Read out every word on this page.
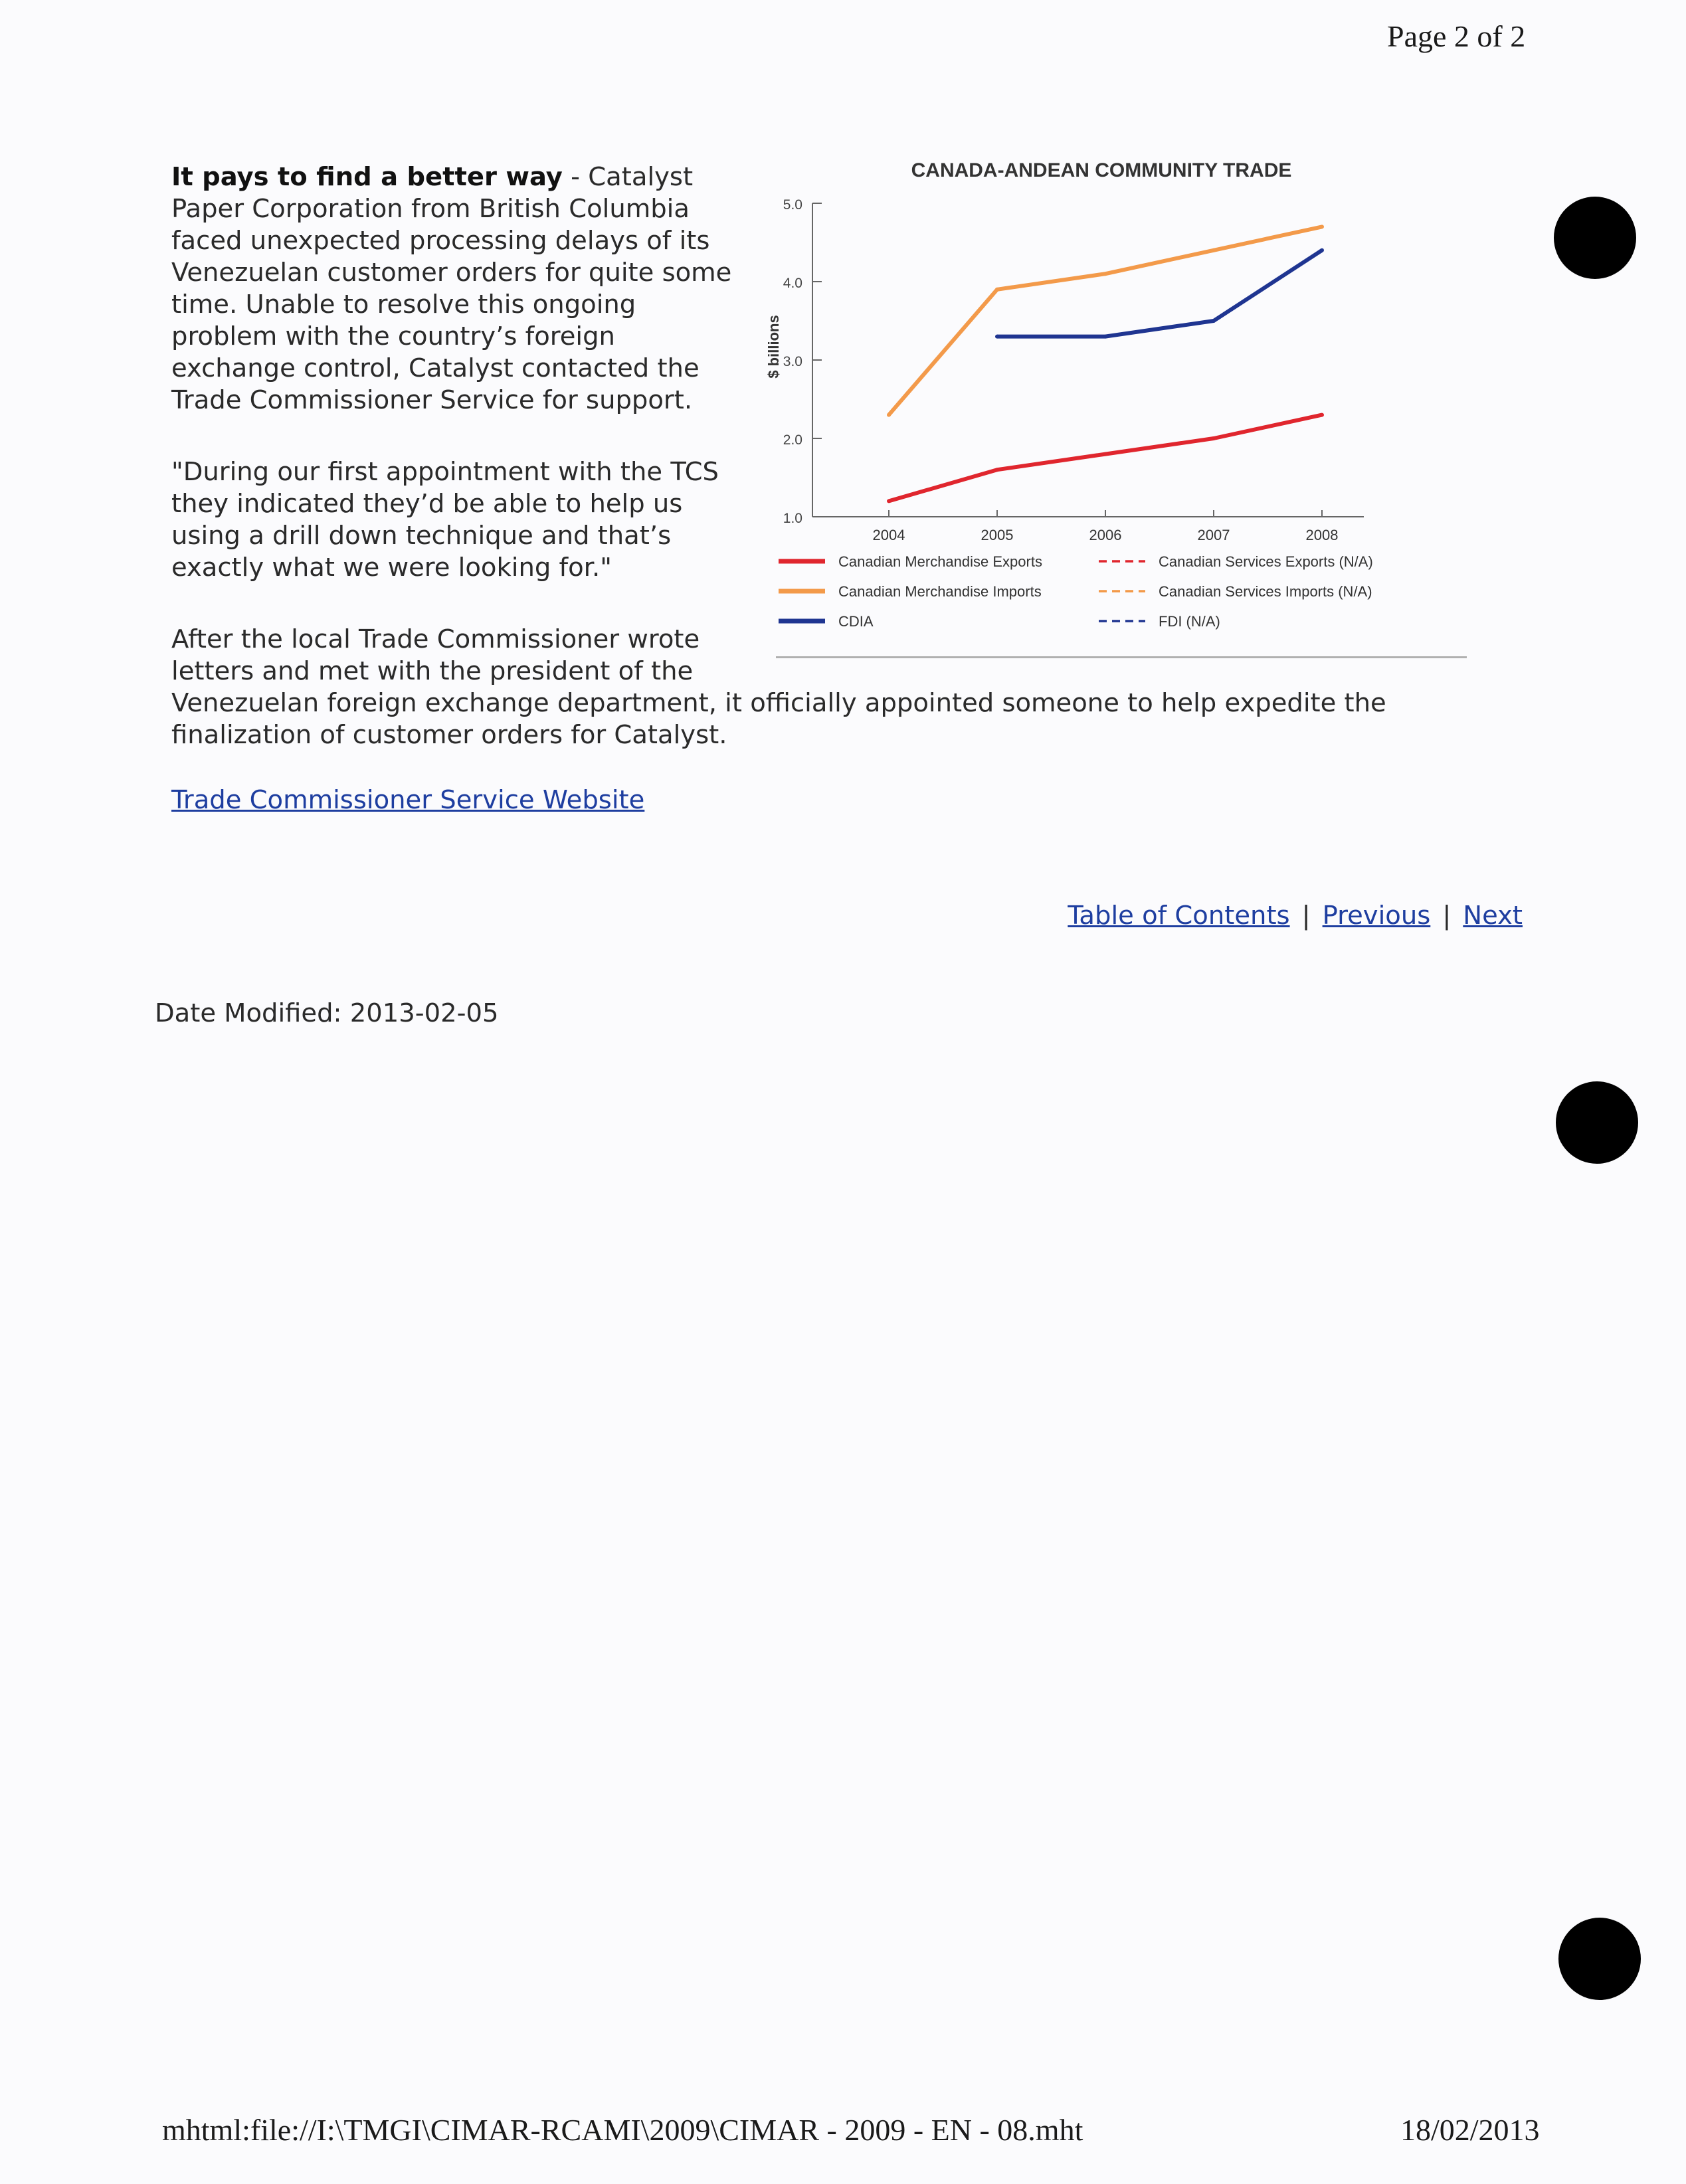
Page 2 of 2
CANADA-ANDEAN COMMUNITY TRADE
1.0
2.0
3.0
4.0
5.0
$ billions
2004	2005	2006	2007	2008
Canadian Merchandise Exports	Canadian Services Exports (N/A)
Canadian Merchandise Imports	Canadian Services Imports (N/A)
CDIA	FDI (N/A)

It pays to find a better way - Catalyst Paper Corporation from British Columbia faced unexpected processing delays of its Venezuelan customer orders for quite some time. Unable to resolve this ongoing problem with the country’s foreign exchange control, Catalyst contacted the Trade Commissioner Service for support.

"During our first appointment with the TCS they indicated they’d be able to help us using a drill down technique and that’s exactly what we were looking for."

After the local Trade Commissioner wrote letters and met with the president of the Venezuelan foreign exchange department, it officially appointed someone to help expedite the finalization of customer orders for Catalyst.

Trade Commissioner Service Website
Table of Contents | Previous | Next
Date Modified: 2013-02-05
mhtml:file://I:\TMGI\CIMAR-RCAMI\2009\CIMAR - 2009 - EN - 08.mht	18/02/2013
